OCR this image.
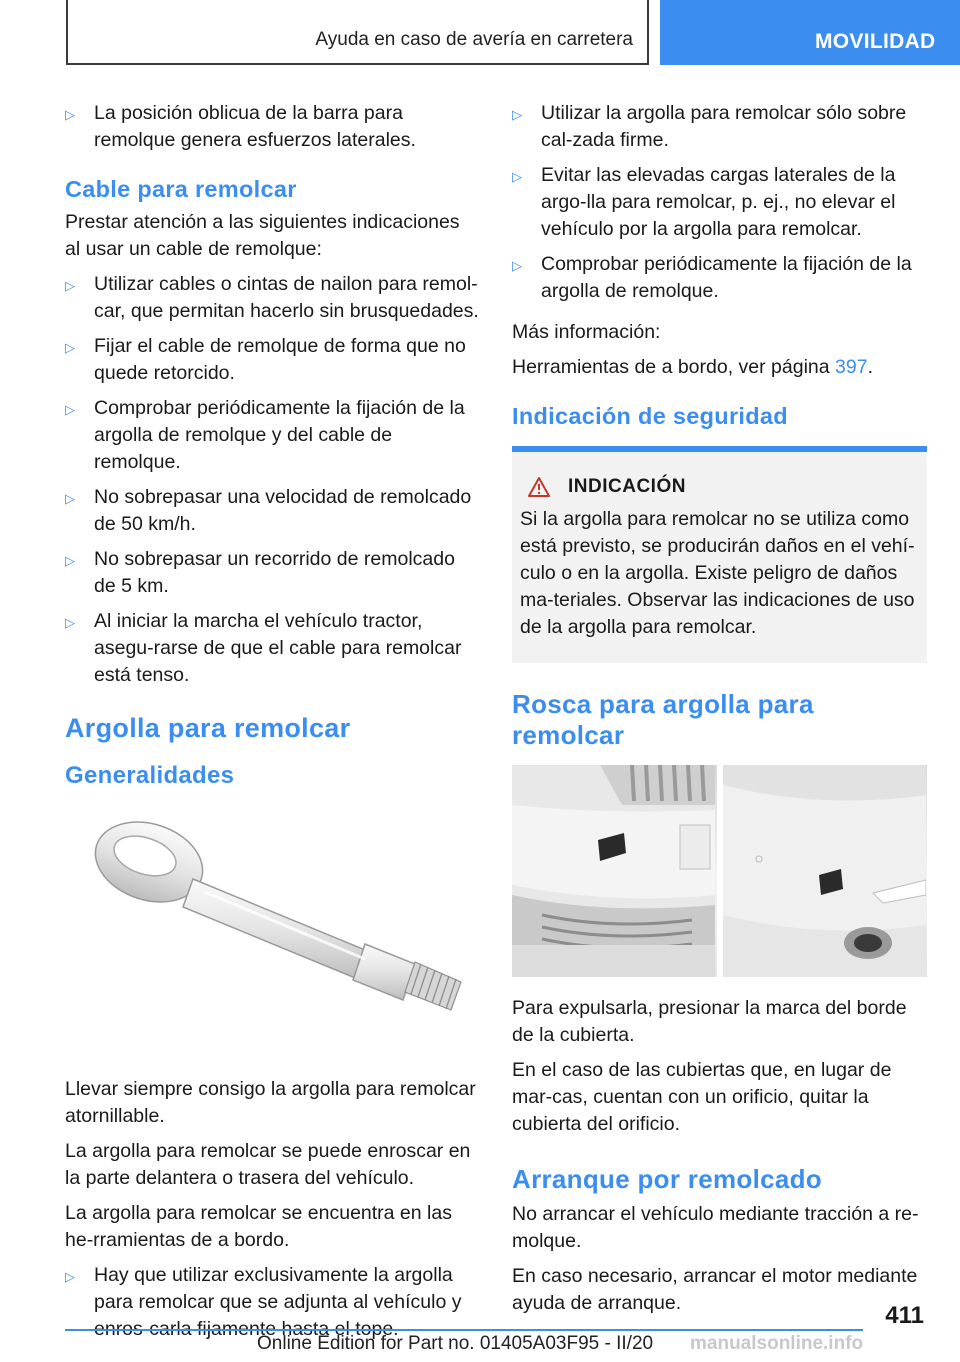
Ayuda en caso de avería en carretera	MOVILIDAD
▷ La posición oblicua de la barra para remolque genera esfuerzos laterales.
Cable para remolcar

Prestar atención a las siguientes indicaciones al usar un cable de remolque:

▷ Utilizar cables o cintas de nailon para remol‐car, que permitan hacerlo sin brusquedades.
▷ Fijar el cable de remolque de forma que no quede retorcido.
▷ Comprobar periódicamente la fijación de la argolla de remolque y del cable de remolque.
▷ No sobrepasar una velocidad de remolcado de 50 km/h.
▷ No sobrepasar un recorrido de remolcado de 5 km.
▷ Al iniciar la marcha el vehículo tractor, asegu‐rarse de que el cable para remolcar está tenso.
Argolla para remolcar
Generalidades

Llevar siempre consigo la argolla para remolcar atornillable.

La argolla para remolcar se puede enroscar en la parte delantera o trasera del vehículo.

La argolla para remolcar se encuentra en las he‐rramientas de a bordo.

▷ Hay que utilizar exclusivamente la argolla para remolcar que se adjunta al vehículo y enros‐carla fijamente hasta el tope.
▷ Utilizar la argolla para remolcar sólo sobre cal‐zada firme.
▷ Evitar las elevadas cargas laterales de la argo‐lla para remolcar, p. ej., no elevar el vehículo por la argolla para remolcar.
▷ Comprobar periódicamente la fijación de la argolla de remolque.

Más información:

Herramientas de a bordo, ver página 397.

Indicación de seguridad
INDICACIÓN

Si la argolla para remolcar no se utiliza como está previsto, se producirán daños en el vehí‐culo o en la argolla. Existe peligro de daños ma‐teriales. Observar las indicaciones de uso de la argolla para remolcar.

Rosca para argolla para remolcar

Para expulsarla, presionar la marca del borde de la cubierta.

En el caso de las cubiertas que, en lugar de mar‐cas, cuentan con un orificio, quitar la cubierta del orificio.

Arranque por remolcado

No arrancar el vehículo mediante tracción a re‐molque.

En caso necesario, arrancar el motor mediante ayuda de arranque.	411
Online Edition for Part no. 01405A03F95 - II/20 manualsonline.info
